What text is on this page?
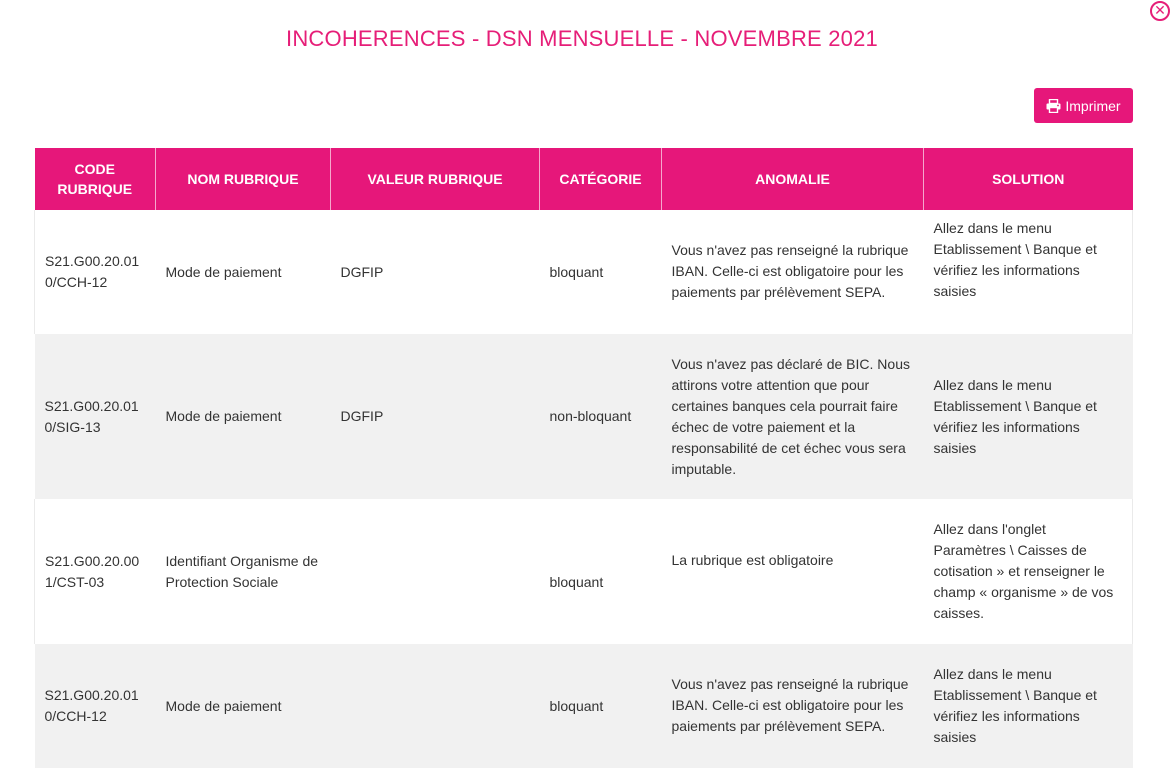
✕
INCOHERENCES - DSN MENSUELLE - NOVEMBRE 2021
Imprimer
CODE RUBRIQUE	NOM RUBRIQUE	VALEUR RUBRIQUE	CATÉGORIE	ANOMALIE	SOLUTION
S21.G00.20.010/CCH-12	Mode de paiement	DGFIP	bloquant	Vous n'avez pas renseigné la rubrique IBAN. Celle-ci est obligatoire pour les paiements par prélèvement SEPA.	Allez dans le menu Etablissement \ Banque et vérifiez les informations saisies
S21.G00.20.010/SIG-13	Mode de paiement	DGFIP	non-bloquant	Vous n'avez pas déclaré de BIC. Nous attirons votre attention que pour certaines banques cela pourrait faire échec de votre paiement et la responsabilité de cet échec vous sera imputable.	Allez dans le menu Etablissement \ Banque et vérifiez les informations saisies
S21.G00.20.001/CST-03	Identifiant Organisme de Protection Sociale		bloquant	La rubrique est obligatoire	Allez dans l'onglet Paramètres \ Caisses de cotisation » et renseigner le champ « organisme » de vos caisses.
S21.G00.20.010/CCH-12	Mode de paiement		bloquant	Vous n'avez pas renseigné la rubrique IBAN. Celle-ci est obligatoire pour les paiements par prélèvement SEPA.	Allez dans le menu Etablissement \ Banque et vérifiez les informations saisies
